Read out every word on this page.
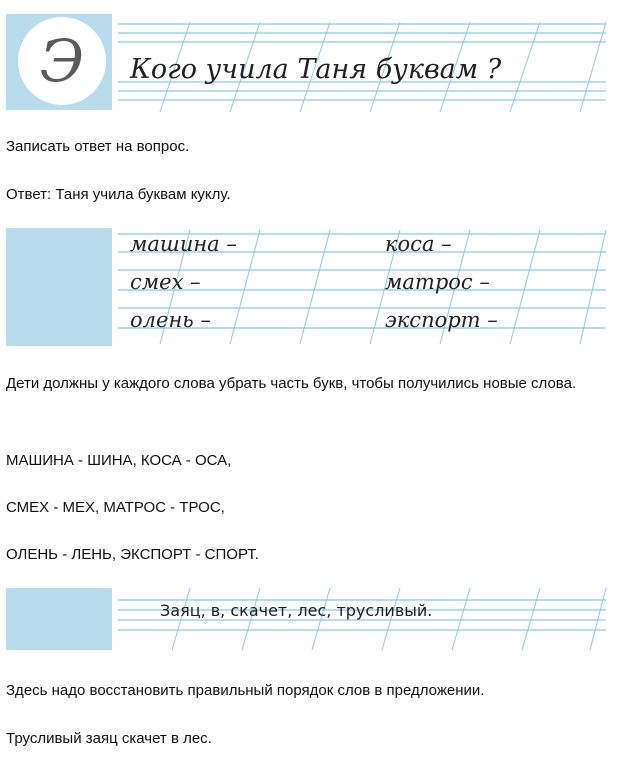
Э	Кого учила Таня буквам ?
Записать ответ на вопрос.
Ответ: Таня учила буквам куклу.
машина –
смех –
олень –
коса –
матрос –
экспорт –
Дети должны у каждого слова убрать часть букв, чтобы получились новые слова.
МАШИНА - ШИНА, КОСА - ОСА,
СМЕХ - МЕХ, МАТРОС - ТРОС,
ОЛЕНЬ - ЛЕНЬ, ЭКСПОРТ - СПОРТ.
Заяц, в, скачет, лес, трусливый.
Здесь надо восстановить правильный порядок слов в предложении.
Трусливый заяц скачет в лес.
